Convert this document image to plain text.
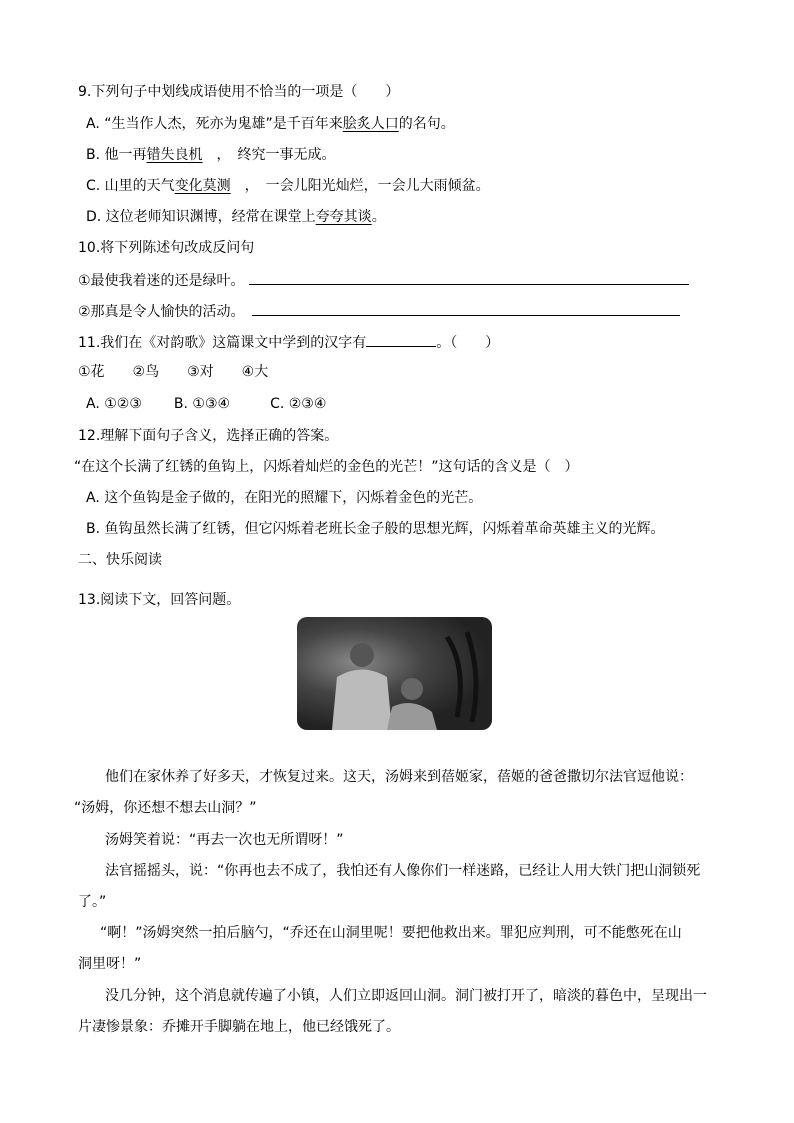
9.下列句子中划线成语使用不恰当的一项是（　　）
A. “生当作人杰，死亦为鬼雄”是千百年来脍炙人口的名句。
B. 他一再错失良机　，　终究一事无成。
C. 山里的天气变化莫测　，　一会儿阳光灿烂，一会儿大雨倾盆。
D. 这位老师知识渊博，经常在课堂上夸夸其谈。
10.将下列陈述句改成反问句
①最使我着迷的还是绿叶。
②那真是令人愉快的活动。　
11.我们在《对韵歌》这篇课文中学到的汉字有	。（　　）
①花　　②鸟　　③对　　④大
A. ①②③ B. ①③④	C. ②③④
12.理解下面句子含义，选择正确的答案。
“在这个长满了红锈的鱼钩上，闪烁着灿烂的金色的光芒！”这句话的含义是（　）
A. 这个鱼钩是金子做的，在阳光的照耀下，闪烁着金色的光芒。
B. 鱼钩虽然长满了红锈，但它闪烁着老班长金子般的思想光辉，闪烁着革命英雄主义的光辉。
二、快乐阅读
13.阅读下文，回答问题。
他们在家休养了好多天，才恢复过来。这天，汤姆来到蓓姬家，蓓姬的爸爸撒切尔法官逗他说：
“汤姆，你还想不想去山洞？”
汤姆笑着说：“再去一次也无所谓呀！”
法官摇摇头，说：“你再也去不成了，我怕还有人像你们一样迷路，已经让人用大铁门把山洞锁死
了。”
“啊！”汤姆突然一拍后脑勺，“乔还在山洞里呢！要把他救出来。罪犯应判刑，可不能憋死在山
洞里呀！”
没几分钟，这个消息就传遍了小镇，人们立即返回山洞。洞门被打开了，暗淡的暮色中，呈现出一
片凄惨景象：乔摊开手脚躺在地上，他已经饿死了。
